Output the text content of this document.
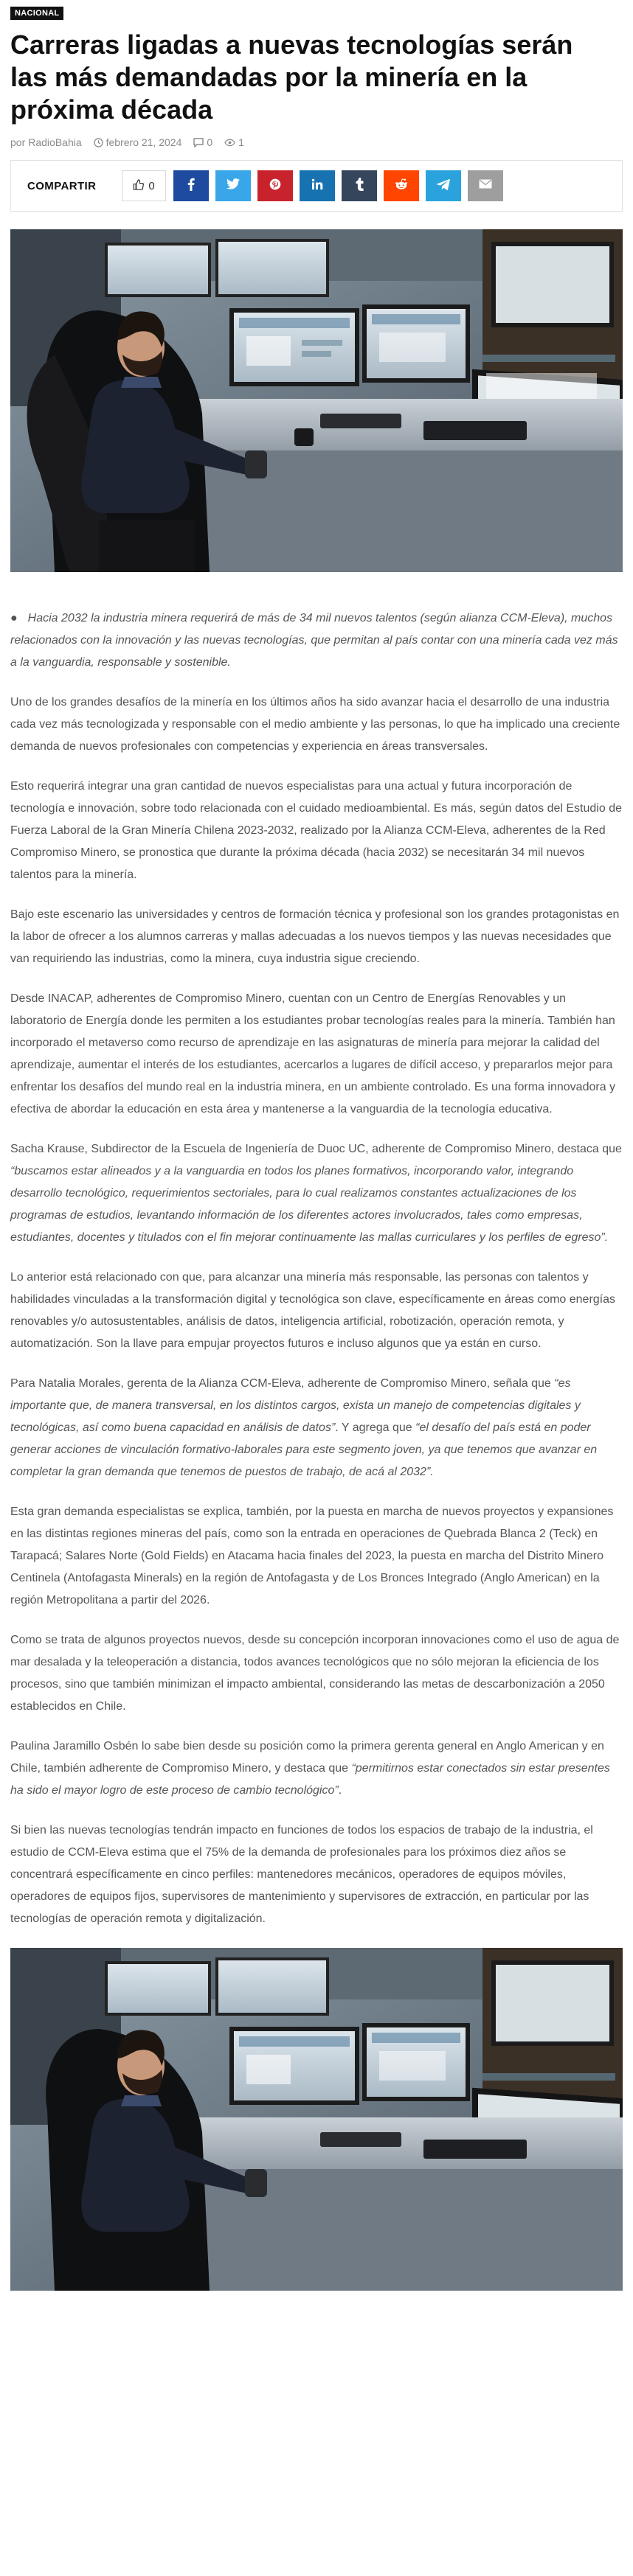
NACIONAL
Carreras ligadas a nuevas tecnologías serán las más demandadas por la minería en la próxima década
por RadioBahia febrero 21, 2024 0	1
COMPARTIR	0

● Hacia 2032 la industria minera requerirá de más de 34 mil nuevos talentos (según alianza CCM-Eleva), muchos relacionados con la innovación y las nuevas tecnologías, que permitan al país contar con una minería cada vez más a la vanguardia, responsable y sostenible.

Uno de los grandes desafíos de la minería en los últimos años ha sido avanzar hacia el desarrollo de una industria cada vez más tecnologizada y responsable con el medio ambiente y las personas, lo que ha implicado una creciente demanda de nuevos profesionales con competencias y experiencia en áreas transversales.

Esto requerirá integrar una gran cantidad de nuevos especialistas para una actual y futura incorporación de tecnología e innovación, sobre todo relacionada con el cuidado medioambiental. Es más, según datos del Estudio de Fuerza Laboral de la Gran Minería Chilena 2023-2032, realizado por la Alianza CCM-Eleva, adherentes de la Red Compromiso Minero, se pronostica que durante la próxima década (hacia 2032) se necesitarán 34 mil nuevos talentos para la minería.

Bajo este escenario las universidades y centros de formación técnica y profesional son los grandes protagonistas en la labor de ofrecer a los alumnos carreras y mallas adecuadas a los nuevos tiempos y las nuevas necesidades que van requiriendo las industrias, como la minera, cuya industria sigue creciendo.

Desde INACAP, adherentes de Compromiso Minero, cuentan con un Centro de Energías Renovables y un laboratorio de Energía donde les permiten a los estudiantes probar tecnologías reales para la minería. También han incorporado el metaverso como recurso de aprendizaje en las asignaturas de minería para mejorar la calidad del aprendizaje, aumentar el interés de los estudiantes, acercarlos a lugares de difícil acceso, y prepararlos mejor para enfrentar los desafíos del mundo real en la industria minera, en un ambiente controlado. Es una forma innovadora y efectiva de abordar la educación en esta área y mantenerse a la vanguardia de la tecnología educativa.

Sacha Krause, Subdirector de la Escuela de Ingeniería de Duoc UC, adherente de Compromiso Minero, destaca que “buscamos estar alineados y a la vanguardia en todos los planes formativos, incorporando valor, integrando desarrollo tecnológico, requerimientos sectoriales, para lo cual realizamos constantes actualizaciones de los programas de estudios, levantando información de los diferentes actores involucrados, tales como empresas, estudiantes, docentes y titulados con el fin mejorar continuamente las mallas curriculares y los perfiles de egreso”.

Lo anterior está relacionado con que, para alcanzar una minería más responsable, las personas con talentos y habilidades vinculadas a la transformación digital y tecnológica son clave, específicamente en áreas como energías renovables y/o autosustentables, análisis de datos, inteligencia artificial, robotización, operación remota, y automatización. Son la llave para empujar proyectos futuros e incluso algunos que ya están en curso.

Para Natalia Morales, gerenta de la Alianza CCM-Eleva, adherente de Compromiso Minero, señala que “es importante que, de manera transversal, en los distintos cargos, exista un manejo de competencias digitales y tecnológicas, así como buena capacidad en análisis de datos”. Y agrega que “el desafío del país está en poder generar acciones de vinculación formativo-laborales para este segmento joven, ya que tenemos que avanzar en completar la gran demanda que tenemos de puestos de trabajo, de acá al 2032”.

Esta gran demanda especialistas se explica, también, por la puesta en marcha de nuevos proyectos y expansiones en las distintas regiones mineras del país, como son la entrada en operaciones de Quebrada Blanca 2 (Teck) en Tarapacá; Salares Norte (Gold Fields) en Atacama hacia finales del 2023, la puesta en marcha del Distrito Minero Centinela (Antofagasta Minerals) en la región de Antofagasta y de Los Bronces Integrado (Anglo American) en la región Metropolitana a partir del 2026.

Como se trata de algunos proyectos nuevos, desde su concepción incorporan innovaciones como el uso de agua de mar desalada y la teleoperación a distancia, todos avances tecnológicos que no sólo mejoran la eficiencia de los procesos, sino que también minimizan el impacto ambiental, considerando las metas de descarbonización a 2050 establecidos en Chile.

Paulina Jaramillo Osbén lo sabe bien desde su posición como la primera gerenta general en Anglo American y en Chile, también adherente de Compromiso Minero, y destaca que “permitirnos estar conectados sin estar presentes ha sido el mayor logro de este proceso de cambio tecnológico”.

Si bien las nuevas tecnologías tendrán impacto en funciones de todos los espacios de trabajo de la industria, el estudio de CCM-Eleva estima que el 75% de la demanda de profesionales para los próximos diez años se concentrará específicamente en cinco perfiles: mantenedores mecánicos, operadores de equipos móviles, operadores de equipos fijos, supervisores de mantenimiento y supervisores de extracción, en particular por las tecnologías de operación remota y digitalización.
